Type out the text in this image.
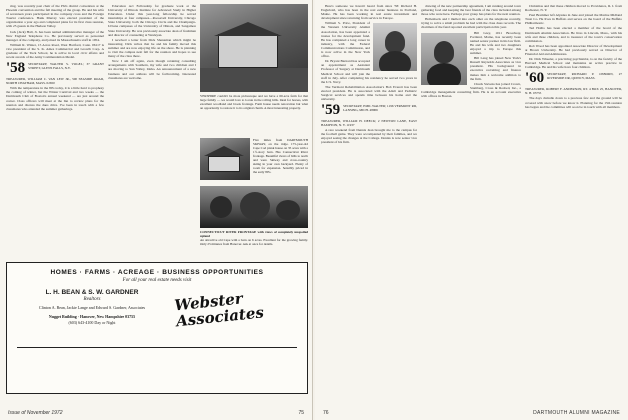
ring, was recently past chair of the Phi's district convention at the Phoenix convention and the fall meeting of the group. He and his wife of seventeen years participated in the company cross and the Foreign Tourist conference. Hank Murray was elected president of the organization a year ago and completed plans for its first class reunion, with 25 guests in the Hudson Valley.

Jack (Jack) Hall, Jr. has been named administrative manager of the New England Telephone Co. He previously served as personnel manager of the company, and joined its Massachusetts staff in 1954.

William R. Winter, 15 Acres Road, West Hartford, Conn. 06117 is vice president of the S. K. Ames Commercial and Growth Corp. A graduate of the Tuck School, he is active in local civic affairs and recent awards of the Army Commendation Medal.

'58 SECRETARY, WALTER S. VOGEL; 37 GRANT STREET, GLENS FALLS, N.Y.

TREASURER, WILLIAM C. VAN LEW JR., 500 SEASIDE ROAD, NORTH CHATHAM, MASS. 02650

With the temperature in the 80's today, it is a little hard to prophesy the coming of winter, but the Winter Carnival and two weeks — the Dartmouth Club of Boston's annual weekend — are just around the corner. Class officers will meet at the Inn to review plans for the reunion and discuss the dues drive. I've been in touch with a few classmates who attended the summer gatherings.

Education Act Fellowship for graduate work at the University of Illinois Institute for Advanced Study in Higher Education. Under this year-long fellowship he served internships at four campuses—Roosevelt University, Chicago State University, both the Chicago Circle and the Champaign-Urbana campuses of the University of Illinois, and Sangamon State University. He was previously associate dean of freshmen and director of counseling at Wesleyan.

I received a letter from Dick Shanaman which might be interesting. Dick writes that he and his family moved this summer and are now enjoying life on the shore. He is planning to visit the campus next fall for the reunion and hopes to see many of the class there.

Now I am off again, even though retaining consulting arrangements with Southern, my wife and two children and I are moving to Sun Valley, Idaho. An announcement of a new business and our address will be forthcoming. Interested classmates are welcome.

VERSHIRE couldn't be more picturesque and we have a 60-acre farm for that large family — we would love to locate in the rolling hills. Ideal for horses, with excellent woodland and brook frontage. Farm house needs renovation but what an opportunity to restore it to its original charm. A most interesting property.
Five miles from DARTMOUTH SKIWAY, on the ridge. 175-year-old Cape Cod plank house on 35 acres with a 1½-story barn. Has Connecticut River frontage. Beautiful views of hills to north and west. Skiway and cross-country skiing in your own backyard. Plenty of room for expansion. Sensibly priced in the early 80's.
CONNECTICUT RIVER FRONTAGE with views of completely unspoiled upland
An attractive old Cape with a barn on 6 acres. Excellent for the growing family. Only 25 minutes from Hanover. Ask at once for details.
HOMES · FARMS · ACREAGE · BUSINESS OPPORTUNITIES
For all your real estate needs visit
L. H. BEAN & S. W. GARDNER
Realtors
Clinton A. Bean, Jackie Lange and Edward S. Gardner, Associates
Nugget Building · Hanover, New Hampshire 03755
(603) 643-4100 Day or Night
Webster Associates
Issue of November 1972	75

Here's someone we haven't heard from since '58: Richard H. Englebold, who has been in the real estate business in Portland, Maine. He has been working in real estate investment and development since returning from service in Europe.

William S. Price, President of the Western University Alumni Association, has been appointed a trustee for the development fund. He has completed a long career in industry, with the Federal Communications Commission, and is now active in the New York office.

Dr. Bryant Barnard has accepted an appointment as Assistant Professor of Surgery at Dartmouth Medical School and will join the staff in July. After completing his residency he served two years in the U.S. Navy.

The Vermont Rehabilitation Association's Bob Everett has been elected president. He is associated with the Adult and Pediatric Surgical services and spends time between his home and the university.

'59 SECRETARY, EMIL WALTER; 1196 VERMONT RD, LANSING, MICH. 48906

TREASURER, WILLIAM H. DEECK; 2 NEWTON LANE, EAST HAMPTON, N. Y. 11937

A rare weekend from Dennis Jean brought me to the campus for the football game. They were accompanied by their families, and we enjoyed seeing the changes at the College. Dennis is now senior vice president of his firm.

drawing of the new partnership agreement, I am running around town gathering food and keeping the best friends of the class included among those who were here. Perhaps your group has plans for the next reunion.

Hollenbeck and I mulled into each other on the telephone recently, trying to solve a small problem he had with the class dues records. The chairman of the fund reported excellent participation this year.

Bill Grey, 1011 Broadway, Portland, Maine, has recently been named senior partner in his law firm. He and his wife and two daughters enjoyed a trip to Europe this summer.

Bill Lang has joined New York's Russell Reynolds Associates as vice president. His background in executive recruiting and finance makes him a welcome addition to the firm.

Chuck Stevens has joined Crown, Stamberg, Cross & Rosbed, Inc., a Cambridge management consulting firm. He is an account executive with offices in Boston.

Christmas and that these children moved to Providence, R. I. from Rochester, N. Y.

Paul Brammer left Alyeska in June and joined the Marine Midland Trust Co. He lives in Buffalo and serves on the board of the Buffalo Philharmonic.

Ted Hollis has been elected a member of the board of the Dartmouth Alumni Association. He lives in Lincoln, Mass., with his wife and three children, and is treasurer of the town's conservation commission.

Rob Wood has been appointed Associate Director of Development at Brown University. He had previously served as Director of Financial Aid and Admissions.

Dr. Dick Wheeler, a practicing psychiatrist, is on the faculty of the Harvard Medical School and maintains an active practice in Cambridge. He and his wife have four children.

'60 SECRETARY, RICHARD P. OSBORN, 27 RIVERSIDE DR, QUINCY, MASS.

TREASURER, ROBERT F. ANDERSON, RT. 4 BOX 25, HANOVER, N. H. 03755

The days dwindle down to a precious few and the ground will be covered with snow before we know it. Planning for the 15th reunion has begun and the committee will soon be in touch with all members.

76	DARTMOUTH ALUMNI MAGAZINE
